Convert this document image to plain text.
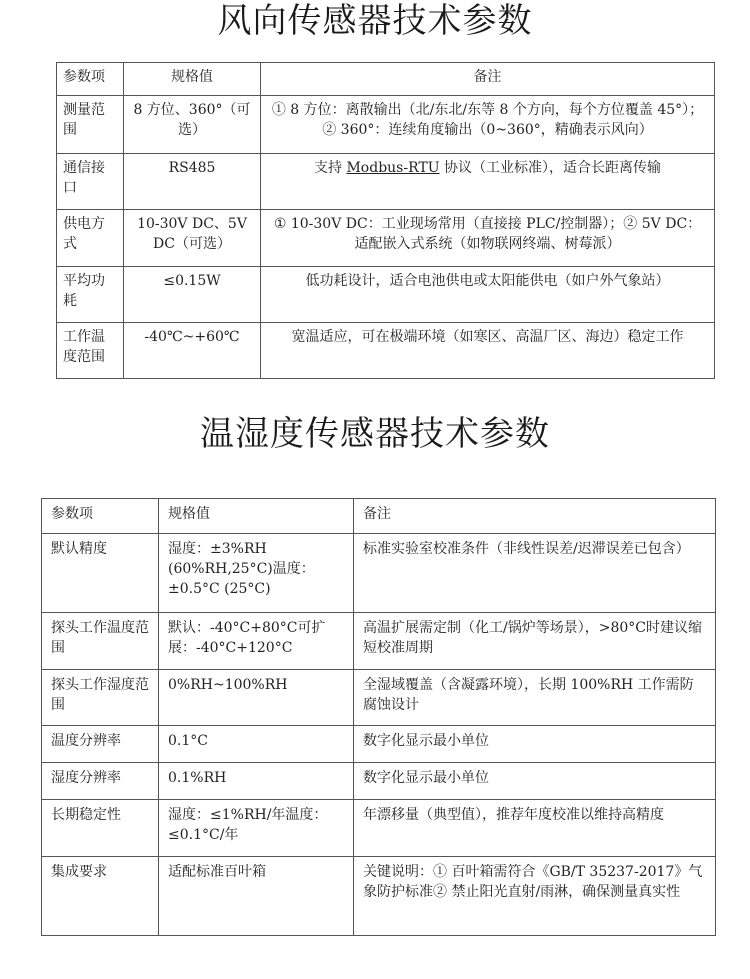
风向传感器技术参数
参数项	规格值	备注
测量范围	8 方位、360°（可选）	① 8 方位：离散输出（北/东北/东等 8 个方向，每个方位覆盖 45°）；② 360°：连续角度输出（0~360°，精确表示风向）
通信接口	RS485	支持 Modbus-RTU 协议（工业标准），适合长距离传输
供电方式	10-30V DC、5V DC（可选）	① 10-30V DC：工业现场常用（直接接 PLC/控制器）；② 5V DC：适配嵌入式系统（如物联网终端、树莓派）
平均功耗	≤0.15W	低功耗设计，适合电池供电或太阳能供电（如户外气象站）
工作温度范围	-40℃~+60℃	宽温适应，可在极端环境（如寒区、高温厂区、海边）稳定工作
温湿度传感器技术参数
参数项	规格值	备注
默认精度	湿度：±3%RH (60%RH,25°C)温度：±0.5°C (25°C)	标准实验室校准条件（非线性误差/迟滞误差已包含）
探头工作温度范围	默认：-40°C+80°C可扩展：-40°C+120°C	高温扩展需定制（化工/锅炉等场景），>80°C时建议缩短校准周期
探头工作湿度范围	0%RH~100%RH	全湿域覆盖（含凝露环境），长期 100%RH 工作需防腐蚀设计
温度分辨率	0.1°C	数字化显示最小单位
湿度分辨率	0.1%RH	数字化显示最小单位
长期稳定性	湿度：≤1%RH/年温度：≤0.1°C/年	年漂移量（典型值），推荐年度校准以维持高精度
集成要求	适配标准百叶箱	关键说明：① 百叶箱需符合《GB/T 35237-2017》气象防护标准② 禁止阳光直射/雨淋，确保测量真实性
